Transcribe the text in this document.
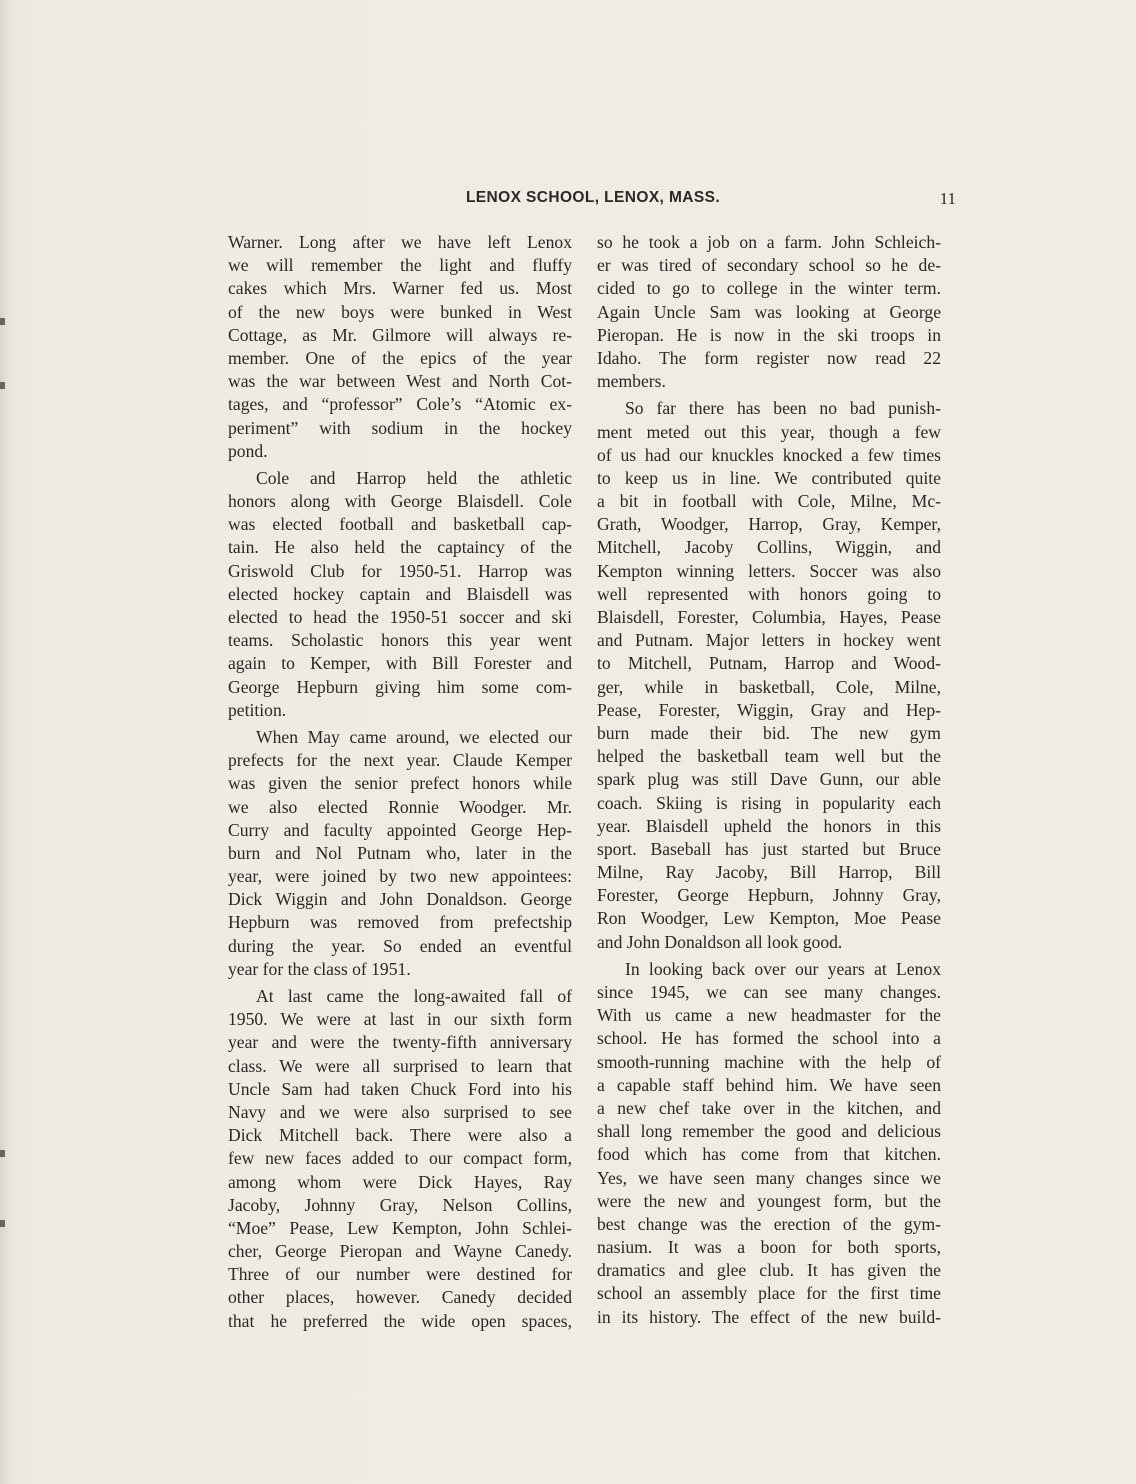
LENOX SCHOOL, LENOX, MASS.	11
Warner. Long after we have left Lenox
we will remember the light and fluffy
cakes which Mrs. Warner fed us. Most
of the new boys were bunked in West
Cottage, as Mr. Gilmore will always re-
member. One of the epics of the year
was the war between West and North Cot-
tages, and “professor” Cole’s “Atomic ex-
periment” with sodium in the hockey
pond.
Cole and Harrop held the athletic
honors along with George Blaisdell. Cole
was elected football and basketball cap-
tain. He also held the captaincy of the
Griswold Club for 1950-51. Harrop was
elected hockey captain and Blaisdell was
elected to head the 1950-51 soccer and ski
teams. Scholastic honors this year went
again to Kemper, with Bill Forester and
George Hepburn giving him some com-
petition.
When May came around, we elected our
prefects for the next year. Claude Kemper
was given the senior prefect honors while
we also elected Ronnie Woodger. Mr.
Curry and faculty appointed George Hep-
burn and Nol Putnam who, later in the
year, were joined by two new appointees:
Dick Wiggin and John Donaldson. George
Hepburn was removed from prefectship
during the year. So ended an eventful
year for the class of 1951.
At last came the long-awaited fall of
1950. We were at last in our sixth form
year and were the twenty-fifth anniversary
class. We were all surprised to learn that
Uncle Sam had taken Chuck Ford into his
Navy and we were also surprised to see
Dick Mitchell back. There were also a
few new faces added to our compact form,
among whom were Dick Hayes, Ray
Jacoby, Johnny Gray, Nelson Collins,
“Moe” Pease, Lew Kempton, John Schlei-
cher, George Pieropan and Wayne Canedy.
Three of our number were destined for
other places, however. Canedy decided
that he preferred the wide open spaces,
so he took a job on a farm. John Schleich-
er was tired of secondary school so he de-
cided to go to college in the winter term.
Again Uncle Sam was looking at George
Pieropan. He is now in the ski troops in
Idaho. The form register now read 22
members.
So far there has been no bad punish-
ment meted out this year, though a few
of us had our knuckles knocked a few times
to keep us in line. We contributed quite
a bit in football with Cole, Milne, Mc-
Grath, Woodger, Harrop, Gray, Kemper,
Mitchell, Jacoby Collins, Wiggin, and
Kempton winning letters. Soccer was also
well represented with honors going to
Blaisdell, Forester, Columbia, Hayes, Pease
and Putnam. Major letters in hockey went
to Mitchell, Putnam, Harrop and Wood-
ger, while in basketball, Cole, Milne,
Pease, Forester, Wiggin, Gray and Hep-
burn made their bid. The new gym
helped the basketball team well but the
spark plug was still Dave Gunn, our able
coach. Skiing is rising in popularity each
year. Blaisdell upheld the honors in this
sport. Baseball has just started but Bruce
Milne, Ray Jacoby, Bill Harrop, Bill
Forester, George Hepburn, Johnny Gray,
Ron Woodger, Lew Kempton, Moe Pease
and John Donaldson all look good.
In looking back over our years at Lenox
since 1945, we can see many changes.
With us came a new headmaster for the
school. He has formed the school into a
smooth-running machine with the help of
a capable staff behind him. We have seen
a new chef take over in the kitchen, and
shall long remember the good and delicious
food which has come from that kitchen.
Yes, we have seen many changes since we
were the new and youngest form, but the
best change was the erection of the gym-
nasium. It was a boon for both sports,
dramatics and glee club. It has given the
school an assembly place for the first time
in its history. The effect of the new build-
